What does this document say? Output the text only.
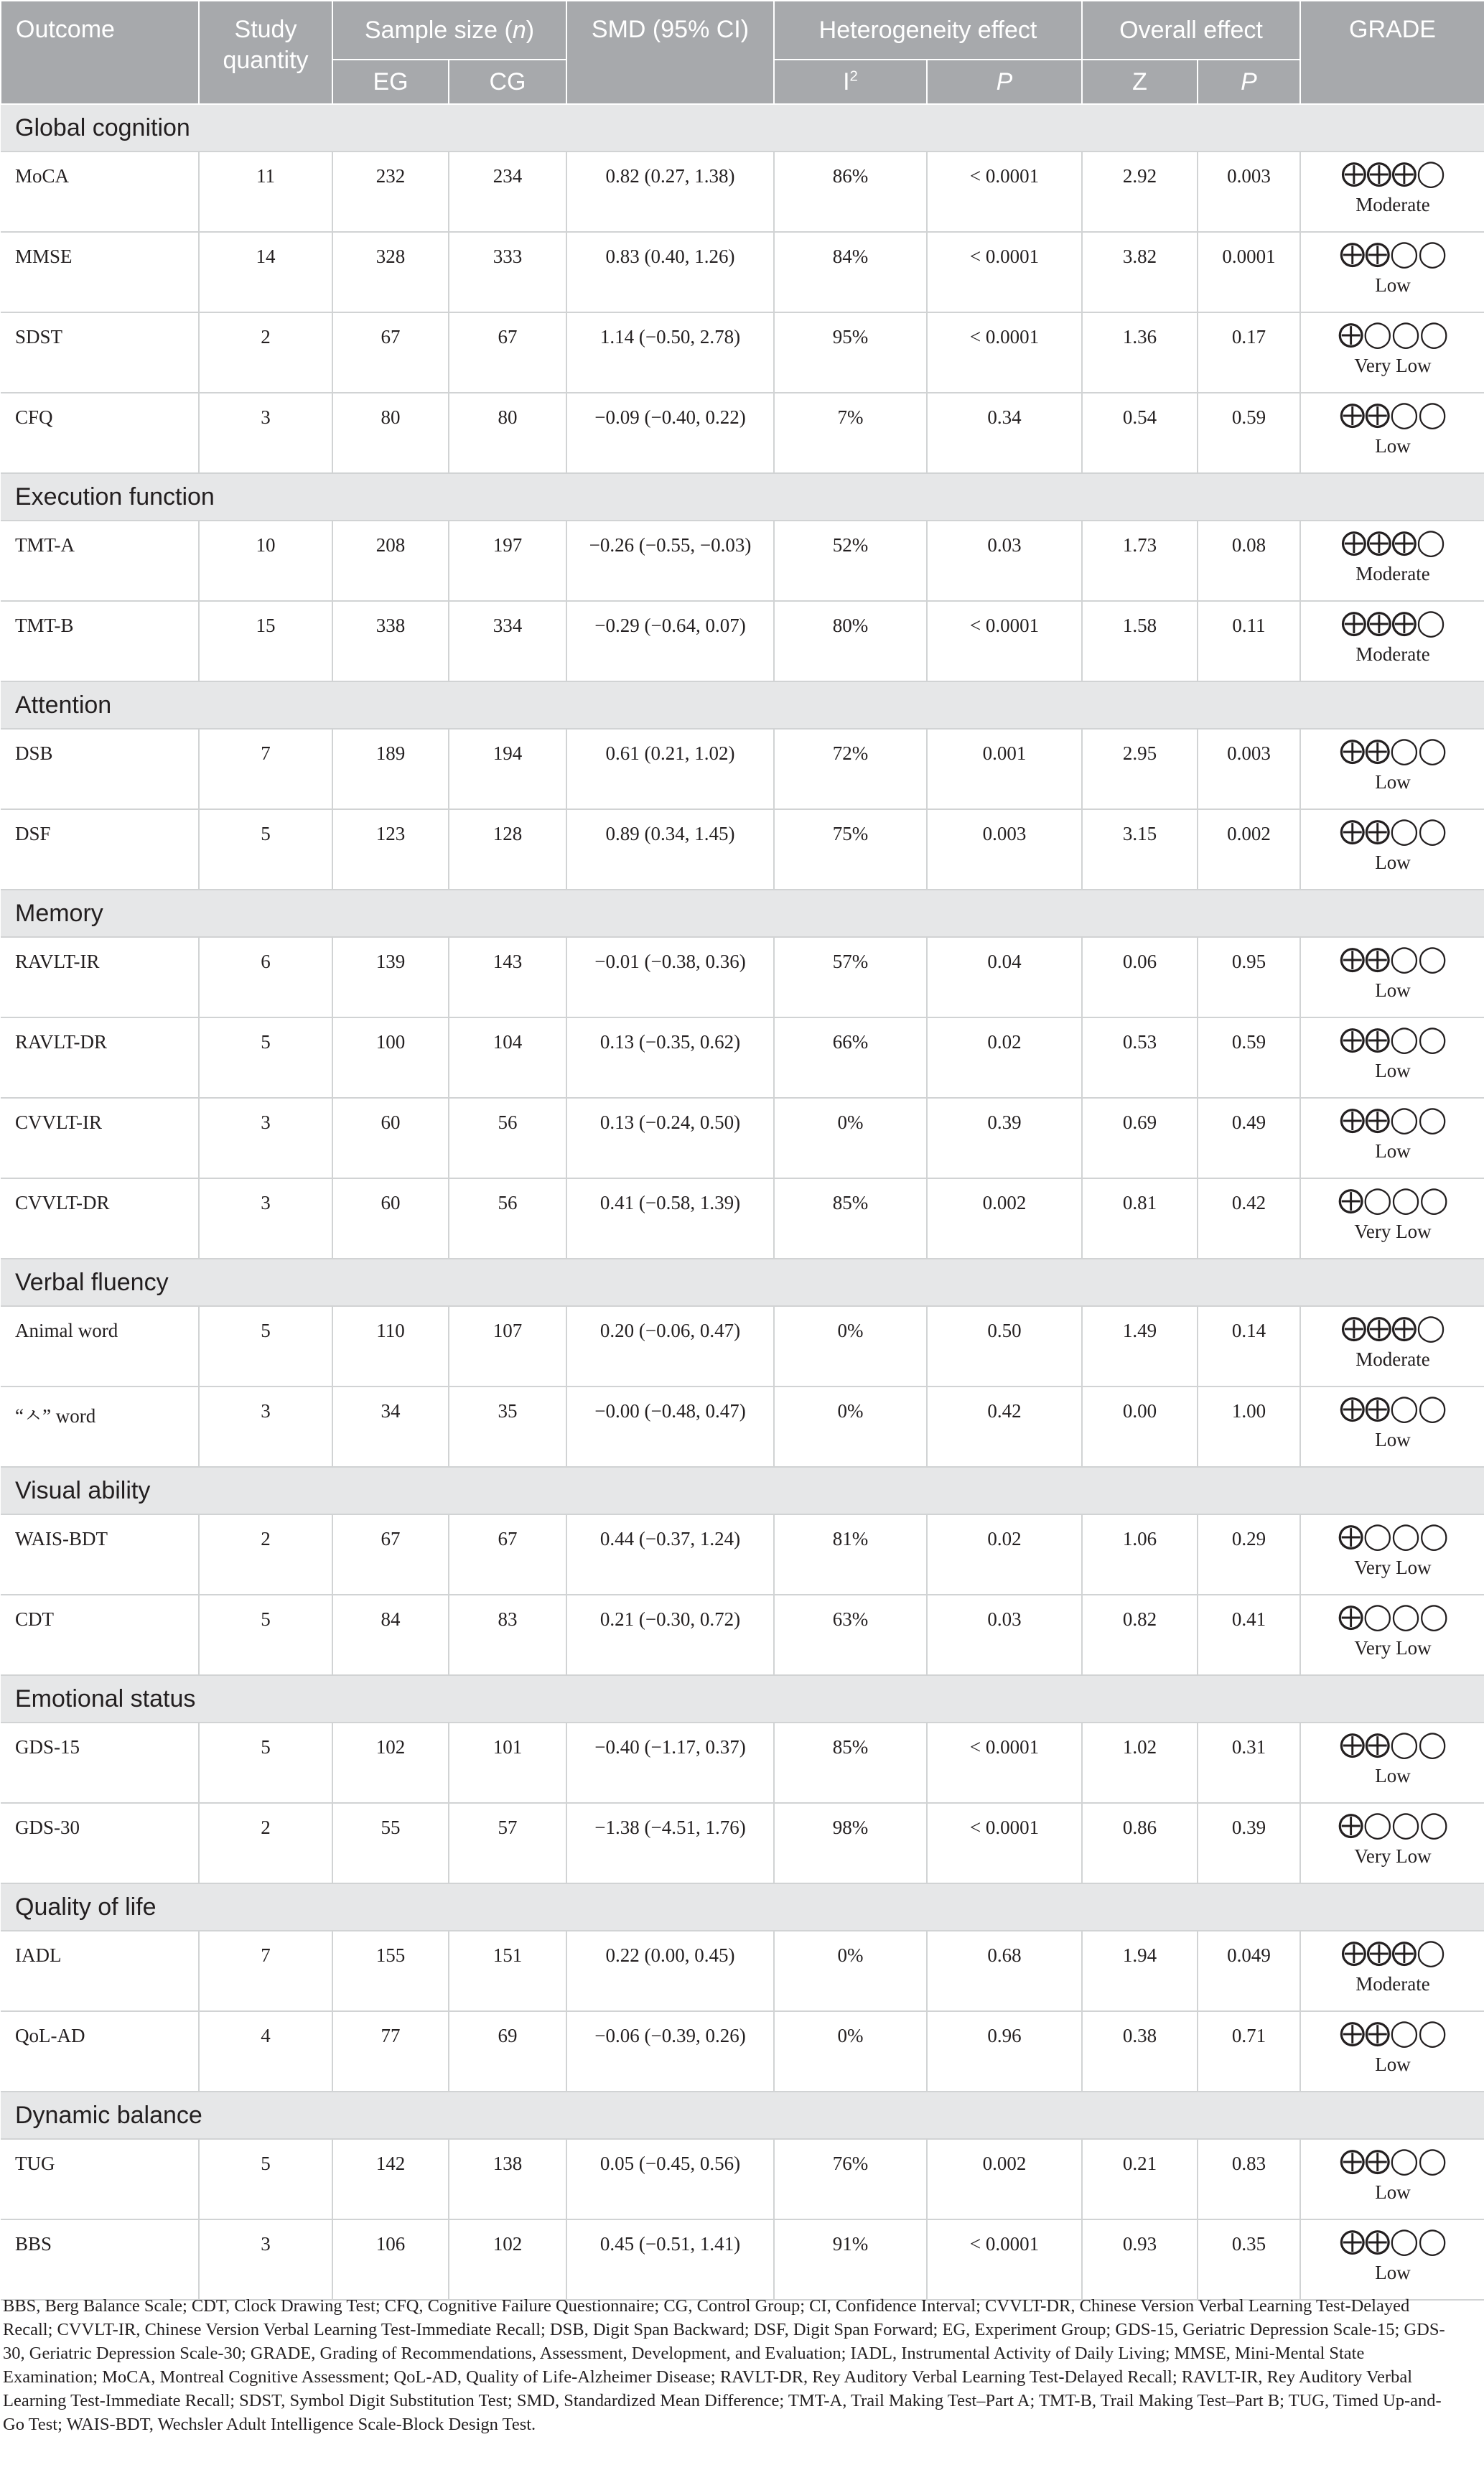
Outcome	Study quantity	Sample size (n)		SMD (95% CI)	Heterogeneity effect		Overall effect		GRADE
		EG	CG		$I^2$	P	Z	P	
Global cognition									
MoCA	11	232	234	0.82 (0.27, 1.38)	86%	< 0.0001	2.92	0.003	⨁⨁⨁◯
Moderate

MMSE	14	328	333	0.83 (0.40, 1.26)	84%	< 0.0001	3.82	0.0001	⨁⨁◯◯
Low

SDST	2	67	67	1.14 (−0.50, 2.78)	95%	< 0.0001	1.36	0.17	⨁◯◯◯
Very Low

CFQ	3	80	80	−0.09 (−0.40, 0.22)	7%	0.34	0.54	0.59	⨁⨁◯◯
Low

Execution function									
TMT-A	10	208	197	−0.26 (−0.55, −0.03)	52%	0.03	1.73	0.08	⨁⨁⨁◯
Moderate

TMT-B	15	338	334	−0.29 (−0.64, 0.07)	80%	< 0.0001	1.58	0.11	⨁⨁⨁◯
Moderate

Attention									
DSB	7	189	194	0.61 (0.21, 1.02)	72%	0.001	2.95	0.003	⨁⨁◯◯
Low

DSF	5	123	128	0.89 (0.34, 1.45)	75%	0.003	3.15	0.002	⨁⨁◯◯
Low

Memory									
RAVLT-IR	6	139	143	−0.01 (−0.38, 0.36)	57%	0.04	0.06	0.95	⨁⨁◯◯
Low

RAVLT-DR	5	100	104	0.13 (−0.35, 0.62)	66%	0.02	0.53	0.59	⨁⨁◯◯
Low

CVVLT-IR	3	60	56	0.13 (−0.24, 0.50)	0%	0.39	0.69	0.49	⨁⨁◯◯
Low

CVVLT-DR	3	60	56	0.41 (−0.58, 1.39)	85%	0.002	0.81	0.42	⨁◯◯◯
Very Low

Verbal fluency									
Animal word	5	110	107	0.20 (−0.06, 0.47)	0%	0.50	1.49	0.14	⨁⨁⨁◯
Moderate

“ㅅ” word	3	34	35	−0.00 (−0.48, 0.47)	0%	0.42	0.00	1.00	⨁⨁◯◯
Low

Visual ability									
WAIS-BDT	2	67	67	0.44 (−0.37, 1.24)	81%	0.02	1.06	0.29	⨁◯◯◯
Very Low

CDT	5	84	83	0.21 (−0.30, 0.72)	63%	0.03	0.82	0.41	⨁◯◯◯
Very Low

Emotional status									
GDS-15	5	102	101	−0.40 (−1.17, 0.37)	85%	< 0.0001	1.02	0.31	⨁⨁◯◯
Low

GDS-30	2	55	57	−1.38 (−4.51, 1.76)	98%	< 0.0001	0.86	0.39	⨁◯◯◯
Very Low

Quality of life									
IADL	7	155	151	0.22 (0.00, 0.45)	0%	0.68	1.94	0.049	⨁⨁⨁◯
Moderate

QoL-AD	4	77	69	−0.06 (−0.39, 0.26)	0%	0.96	0.38	0.71	⨁⨁◯◯
Low

Dynamic balance									
TUG	5	142	138	0.05 (−0.45, 0.56)	76%	0.002	0.21	0.83	⨁⨁◯◯
Low

BBS	3	106	102	0.45 (−0.51, 1.41)	91%	< 0.0001	0.93	0.35	⨁⨁◯◯
Low
BBS, Berg Balance Scale; CDT, Clock Drawing Test; CFQ, Cognitive Failure Questionnaire; CG, Control Group; CI, Confidence Interval; CVVLT-DR, Chinese Version Verbal Learning Test-Delayed Recall; CVVLT-IR, Chinese Version Verbal Learning Test-Immediate Recall; DSB, Digit Span Backward; DSF, Digit Span Forward; EG, Experiment Group; GDS-15, Geriatric Depression Scale-15; GDS-30, Geriatric Depression Scale-30; GRADE, Grading of Recommendations, Assessment, Development, and Evaluation; IADL, Instrumental Activity of Daily Living; MMSE, Mini-Mental State Examination; MoCA, Montreal Cognitive Assessment; QoL-AD, Quality of Life-Alzheimer Disease; RAVLT-DR, Rey Auditory Verbal Learning Test-Delayed Recall; RAVLT-IR, Rey Auditory Verbal Learning Test-Immediate Recall; SDST, Symbol Digit Substitution Test; SMD, Standardized Mean Difference; TMT-A, Trail Making Test–Part A; TMT-B, Trail Making Test–Part B; TUG, Timed Up-and-Go Test; WAIS-BDT, Wechsler Adult Intelligence Scale-Block Design Test.
